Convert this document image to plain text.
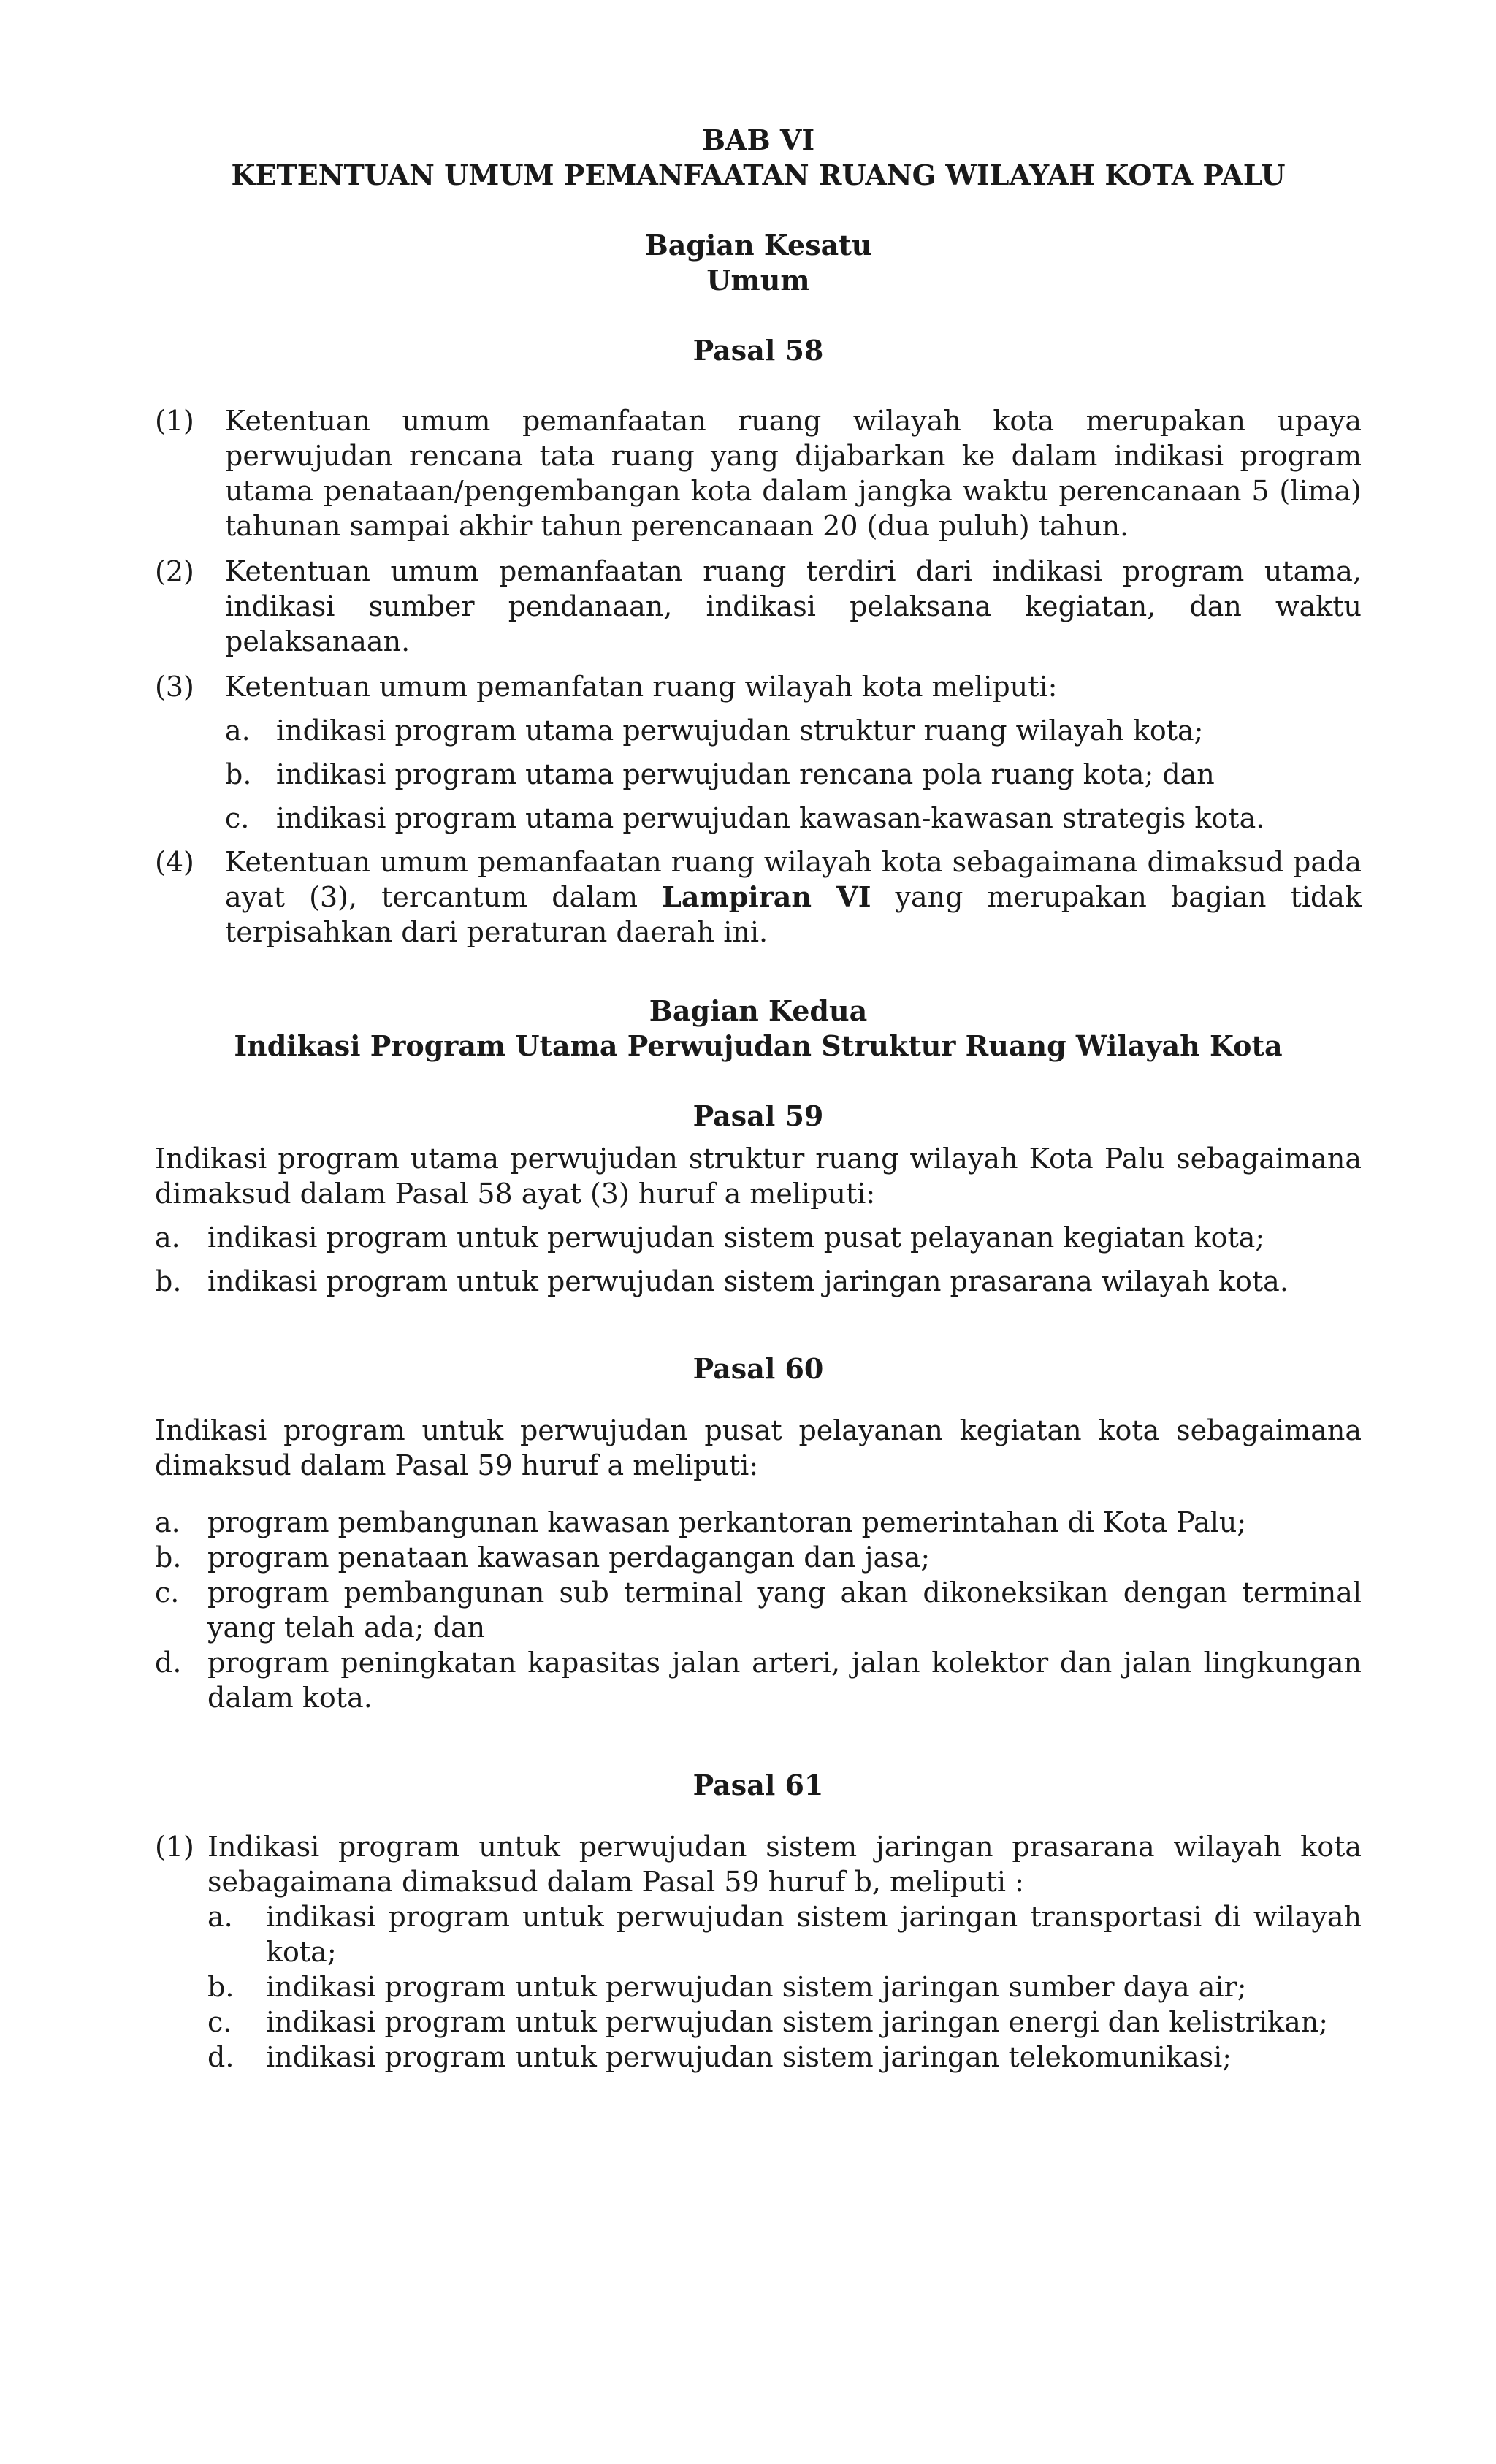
BAB VI
KETENTUAN UMUM PEMANFAATAN RUANG WILAYAH KOTA PALU
Bagian Kesatu
Umum
Pasal 58
(1) Ketentuan umum pemanfaatan ruang wilayah kota merupakan upaya perwujudan rencana tata ruang yang dijabarkan ke dalam indikasi program utama penataan/pengembangan kota dalam jangka waktu perencanaan 5 (lima) tahunan sampai akhir tahun perencanaan 20 (dua puluh) tahun.
(2) Ketentuan umum pemanfaatan ruang terdiri dari indikasi program utama, indikasi sumber pendanaan, indikasi pelaksana kegiatan, dan waktu pelaksanaan.
(3) Ketentuan umum pemanfatan ruang wilayah kota meliputi:
a. indikasi program utama perwujudan struktur ruang wilayah kota;
b. indikasi program utama perwujudan rencana pola ruang kota; dan
c. indikasi program utama perwujudan kawasan-kawasan strategis kota.
(4) Ketentuan umum pemanfaatan ruang wilayah kota sebagaimana dimaksud pada ayat (3), tercantum dalam Lampiran VI yang merupakan bagian tidak terpisahkan dari peraturan daerah ini.
Bagian Kedua
Indikasi Program Utama Perwujudan Struktur Ruang Wilayah Kota
Pasal 59
Indikasi program utama perwujudan struktur ruang wilayah Kota Palu sebagaimana dimaksud dalam Pasal 58 ayat (3) huruf a meliputi:
a. indikasi program untuk perwujudan sistem pusat pelayanan kegiatan kota;
b. indikasi program untuk perwujudan sistem jaringan prasarana wilayah kota.
Pasal 60
Indikasi program untuk perwujudan pusat pelayanan kegiatan kota sebagaimana dimaksud dalam Pasal 59 huruf a meliputi:
a. program pembangunan kawasan perkantoran pemerintahan di Kota Palu;
b. program penataan kawasan perdagangan dan jasa;
c. program pembangunan sub terminal yang akan dikoneksikan dengan terminal yang telah ada; dan
d. program peningkatan kapasitas jalan arteri, jalan kolektor dan jalan lingkungan dalam kota.
Pasal 61
(1) Indikasi program untuk perwujudan sistem jaringan prasarana wilayah kota sebagaimana dimaksud dalam Pasal 59 huruf b, meliputi :
a. indikasi program untuk perwujudan sistem jaringan transportasi di wilayah kota;
b. indikasi program untuk perwujudan sistem jaringan sumber daya air;
c. indikasi program untuk perwujudan sistem jaringan energi dan kelistrikan;
d. indikasi program untuk perwujudan sistem jaringan telekomunikasi;
